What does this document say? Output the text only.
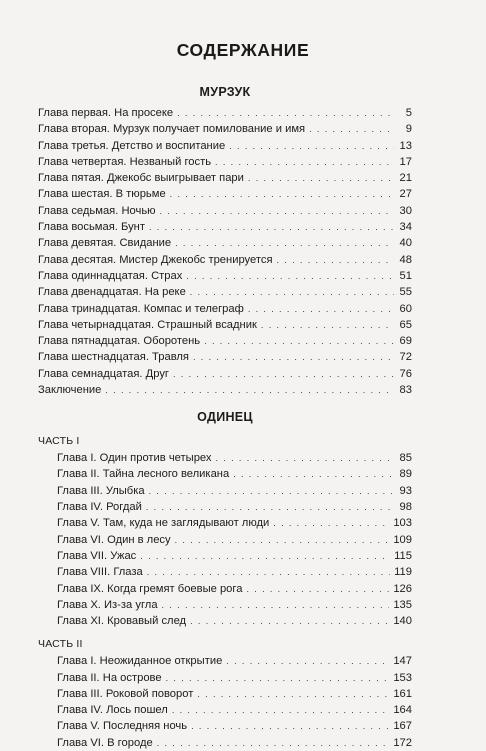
СОДЕРЖАНИЕ
МУРЗУК
Глава первая. На просеке . . .	5
Глава вторая. Мурзук получает помилование и имя . . .	9
Глава третья. Детство и воспитание . . .	13
Глава четвертая. Незваный гость . . .	17
Глава пятая. Джекобс выигрывает пари . . .	21
Глава шестая. В тюрьме . . .	27
Глава седьмая. Ночью . . .	30
Глава восьмая. Бунт . . .	34
Глава девятая. Свидание . . .	40
Глава десятая. Мистер Джекобс тренируется . . .	48
Глава одиннадцатая. Страх . . .	51
Глава двенадцатая. На реке . . .	55
Глава тринадцатая. Компас и телеграф . . .	60
Глава четырнадцатая. Страшный всадник . . .	65
Глава пятнадцатая. Оборотень . . .	69
Глава шестнадцатая. Травля . . .	72
Глава семнадцатая. Друг . . .	76
Заключение . . .	83
ОДИНЕЦ
ЧАСТЬ I
Глава I. Один против четырех . . .	85
Глава II. Тайна лесного великана . . .	89
Глава III. Улыбка . . .	93
Глава IV. Рогдай . . .	98
Глава V. Там, куда не заглядывают люди . . .	103
Глава VI. Один в лесу . . .	109
Глава VII. Ужас . . .	115
Глава VIII. Глаза . . .	119
Глава IX. Когда гремят боевые рога . . .	126
Глава X. Из-за угла . . .	135
Глава XI. Кровавый след . . .	140
ЧАСТЬ II
Глава I. Неожиданное открытие . . .	147
Глава II. На острове . . .	153
Глава III. Роковой поворот . . .	161
Глава IV. Лось пошел . . .	164
Глава V. Последняя ночь . . .	167
Глава VI. В городе . . .	172
